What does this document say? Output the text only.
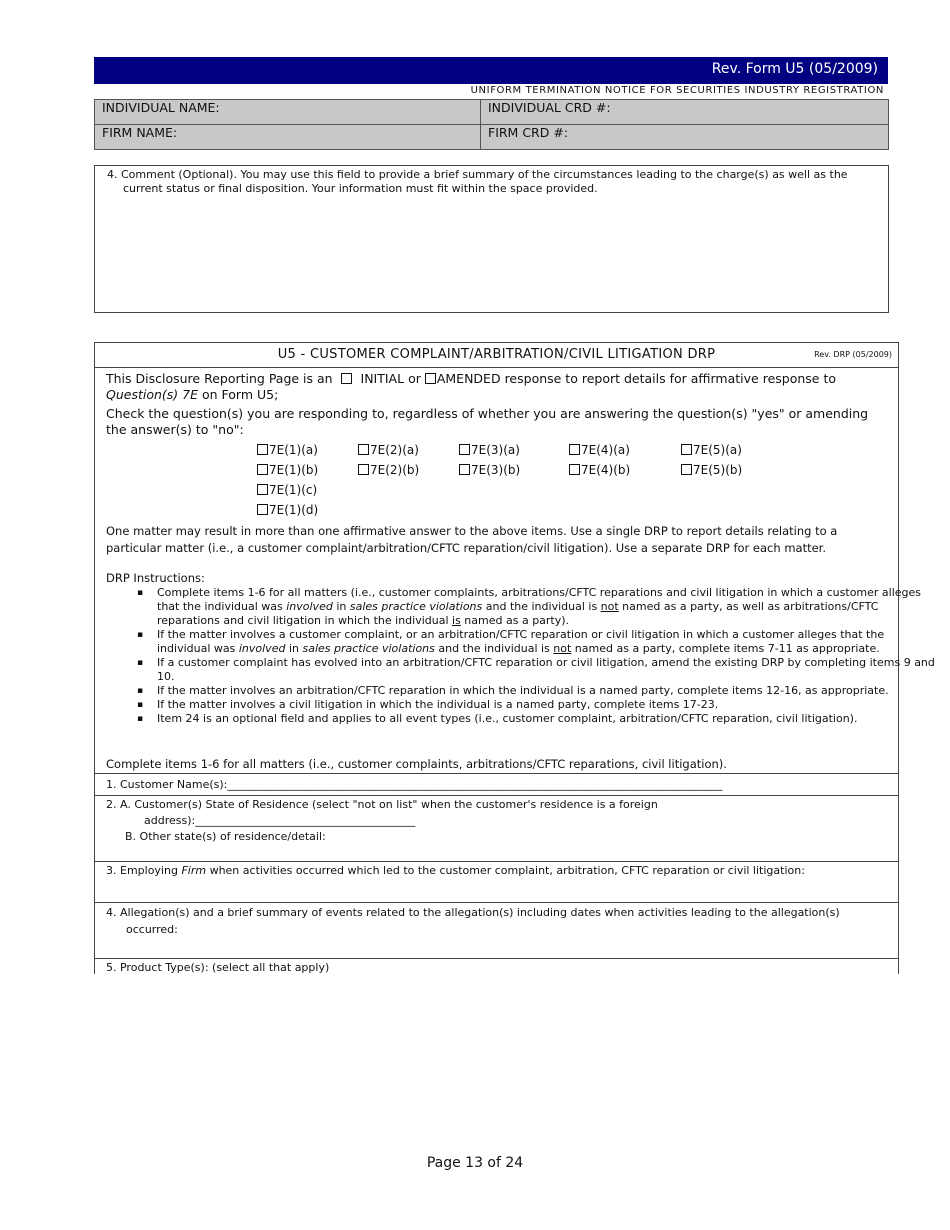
Rev. Form U5 (05/2009)
UNIFORM TERMINATION NOTICE FOR SECURITIES INDUSTRY REGISTRATION
INDIVIDUAL NAME:	INDIVIDUAL CRD #:
FIRM NAME:	FIRM CRD #:
4. Comment (Optional). You may use this field to provide a brief summary of the circumstances leading to the charge(s) as well as the current status or final disposition. Your information must fit within the space provided.
U5 - CUSTOMER COMPLAINT/ARBITRATION/CIVIL LITIGATION DRP	Rev. DRP (05/2009)
This Disclosure Reporting Page is an INITIAL or AMENDED response to report details for affirmative response to Question(s) 7E on Form U5;
Check the question(s) you are responding to, regardless of whether you are answering the question(s) "yes" or amending the answer(s) to "no":
7E(1)(a)	7E(2)(a)	7E(3)(a)	7E(4)(a)	7E(5)(a)
7E(1)(b)	7E(2)(b)	7E(3)(b)	7E(4)(b)	7E(5)(b)
7E(1)(c)
7E(1)(d)
One matter may result in more than one affirmative answer to the above items. Use a single DRP to report details relating to a particular matter (i.e., a customer complaint/arbitration/CFTC reparation/civil litigation). Use a separate DRP for each matter.
DRP Instructions:
▪ Complete items 1-6 for all matters (i.e., customer complaints, arbitrations/CFTC reparations and civil litigation in which a customer alleges that the individual was involved in sales practice violations and the individual is not named as a party, as well as arbitrations/CFTC reparations and civil litigation in which the individual is named as a party).
▪ If the matter involves a customer complaint, or an arbitration/CFTC reparation or civil litigation in which a customer alleges that the individual was involved in sales practice violations and the individual is not named as a party, complete items 7-11 as appropriate.
▪ If a customer complaint has evolved into an arbitration/CFTC reparation or civil litigation, amend the existing DRP by completing items 9 and 10.
▪ If the matter involves an arbitration/CFTC reparation in which the individual is a named party, complete items 12-16, as appropriate.
▪ If the matter involves a civil litigation in which the individual is a named party, complete items 17-23.
▪ Item 24 is an optional field and applies to all event types (i.e., customer complaint, arbitration/CFTC reparation, civil litigation).
Complete items 1-6 for all matters (i.e., customer complaints, arbitrations/CFTC reparations, civil litigation).
1. Customer Name(s):__________________________________________________________________________________________
2. A. Customer(s) State of Residence (select "not on list" when the customer's residence is a foreign
address):________________________________________
B. Other state(s) of residence/detail:
3. Employing Firm when activities occurred which led to the customer complaint, arbitration, CFTC reparation or civil litigation:
4. Allegation(s) and a brief summary of events related to the allegation(s) including dates when activities leading to the allegation(s)
occurred:
5. Product Type(s): (select all that apply)
Page 13 of 24
